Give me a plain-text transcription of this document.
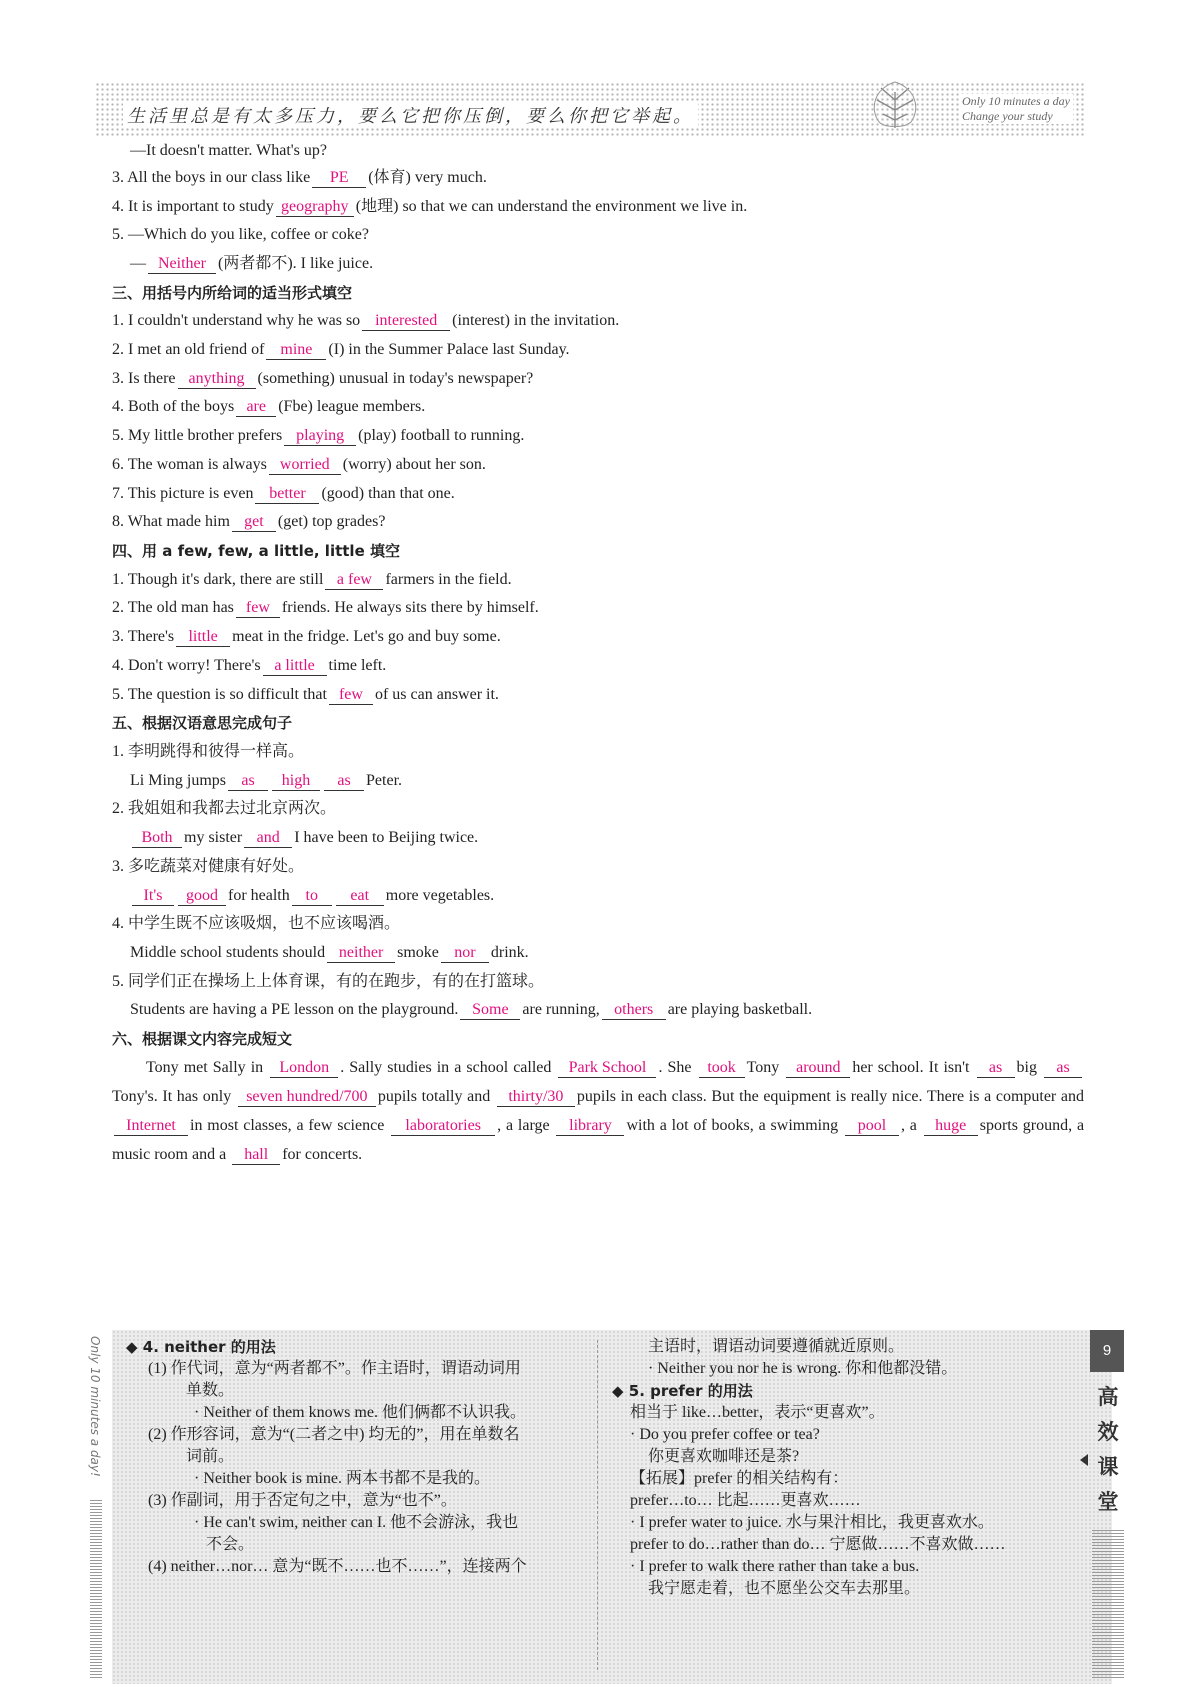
生活里总是有太多压力，要么它把你压倒，要么你把它举起。
Only 10 minutes a day
Change your study
—It doesn't matter. What's up?
3. All the boys in our class like PE (体育) very much.
4. It is important to study geography (地理) so that we can understand the environment we live in.
5. —Which do you like, coffee or coke?
— Neither (两者都不). I like juice.
三、用括号内所给词的适当形式填空
1. I couldn't understand why he was so interested (interest) in the invitation.
2. I met an old friend of mine (I) in the Summer Palace last Sunday.
3. Is there anything (something) unusual in today's newspaper?
4. Both of the boys are (Fbe) league members.
5. My little brother prefers playing (play) football to running.
6. The woman is always worried (worry) about her son.
7. This picture is even better (good) than that one.
8. What made him get (get) top grades?
四、用 a few, few, a little, little 填空
1. Though it's dark, there are still a few farmers in the field.
2. The old man has few friends. He always sits there by himself.
3. There's little meat in the fridge. Let's go and buy some.
4. Don't worry! There's a little time left.
5. The question is so difficult that few of us can answer it.
五、根据汉语意思完成句子
1. 李明跳得和彼得一样高。
Li Ming jumps as high as Peter.
2. 我姐姐和我都去过北京两次。
Both my sister and I have been to Beijing twice.
3. 多吃蔬菜对健康有好处。
It's good for health to eat more vegetables.
4. 中学生既不应该吸烟，也不应该喝酒。
Middle school students should neither smoke nor drink.
5. 同学们正在操场上上体育课，有的在跑步，有的在打篮球。
Students are having a PE lesson on the playground. Some are running, others are playing basketball.
六、根据课文内容完成短文
Tony met Sally in London . Sally studies in a school called Park School . She took Tony around her school. It isn't as big asTony's. It has only seven hundred/700 pupils totally and thirty/30 pupils in each class. But the equipment is really nice. There is a computer and Internet in most classes, a few science laboratories , a large library with a lot of books, a swimming pool , a huge sports ground, a music room and a hall for concerts.
Only 10 minutes a day! ◆ 4. neither 的用法
(1) 作代词，意为“两者都不”。作主语时，谓语动词用
单数。
· Neither of them knows me. 他们俩都不认识我。
(2) 作形容词，意为“(二者之中) 均无的”，用在单数名
词前。
· Neither book is mine. 两本书都不是我的。
(3) 作副词，用于否定句之中，意为“也不”。
· He can't swim, neither can I. 他不会游泳，我也
不会。
(4) neither…nor… 意为“既不……也不……”，连接两个
主语时，谓语动词要遵循就近原则。
· Neither you nor he is wrong. 你和他都没错。
◆ 5. prefer 的用法
相当于 like…better，表示“更喜欢”。
· Do you prefer coffee or tea?
你更喜欢咖啡还是茶?
【拓展】prefer 的相关结构有：
prefer…to… 比起……更喜欢……
· I prefer water to juice. 水与果汁相比，我更喜欢水。
prefer to do…rather than do… 宁愿做……不喜欢做……
· I prefer to walk there rather than take a bus.
我宁愿走着，也不愿坐公交车去那里。
9
高效课堂
